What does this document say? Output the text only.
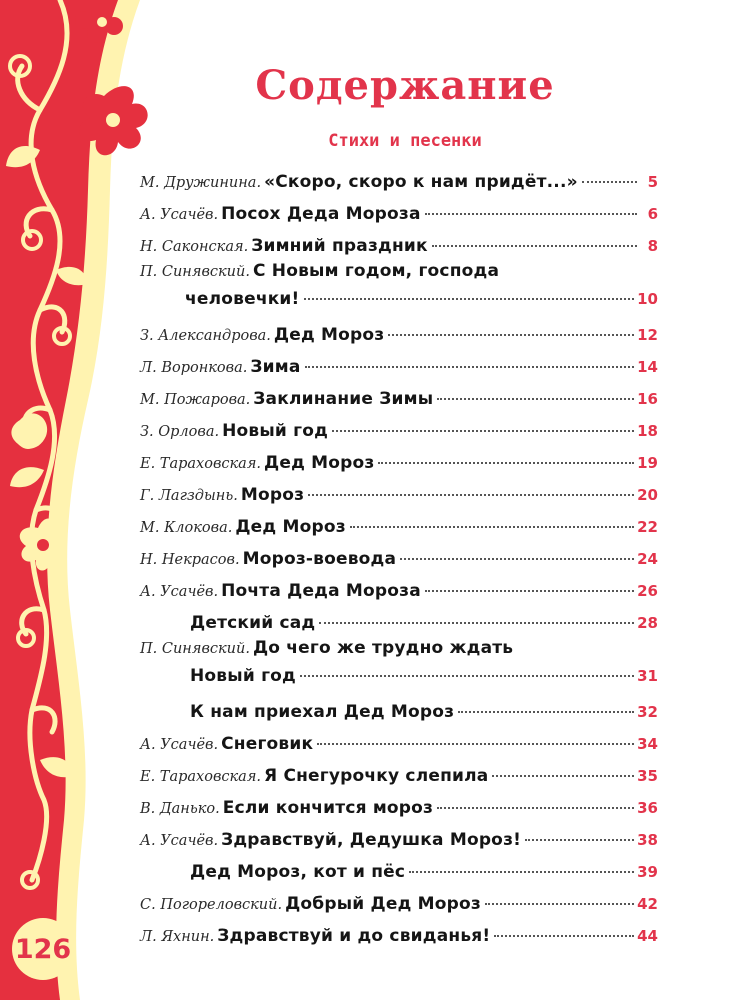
Содержание
Стихи и песенки
М. Дружинина. «Скоро, скоро к нам придёт...»	5
А. Усачёв. Посох Деда Мороза	6
Н. Саконская. Зимний праздник	8
П. Синявский. С Новым годом, господа
человечки!	10
З. Александрова. Дед Мороз	12
Л. Воронкова. Зима	14
М. Пожарова. Заклинание Зимы	16
З. Орлова. Новый год	18
Е. Тараховская. Дед Мороз	19
Г. Лагздынь. Мороз	20
М. Клокова. Дед Мороз	22
Н. Некрасов. Мороз-воевода	24
А. Усачёв. Почта Деда Мороза	26
Детский сад	28
П. Синявский. До чего же трудно ждать
Новый год	31
К нам приехал Дед Мороз	32
А. Усачёв. Снеговик	34
Е. Тараховская. Я Снегурочку слепила	35
В. Данько. Если кончится мороз	36
А. Усачёв. Здравствуй, Дедушка Мороз!	38
Дед Мороз, кот и пёс	39
С. Погореловский. Добрый Дед Мороз	42
Л. Яхнин. Здравствуй и до свиданья!	44
126
